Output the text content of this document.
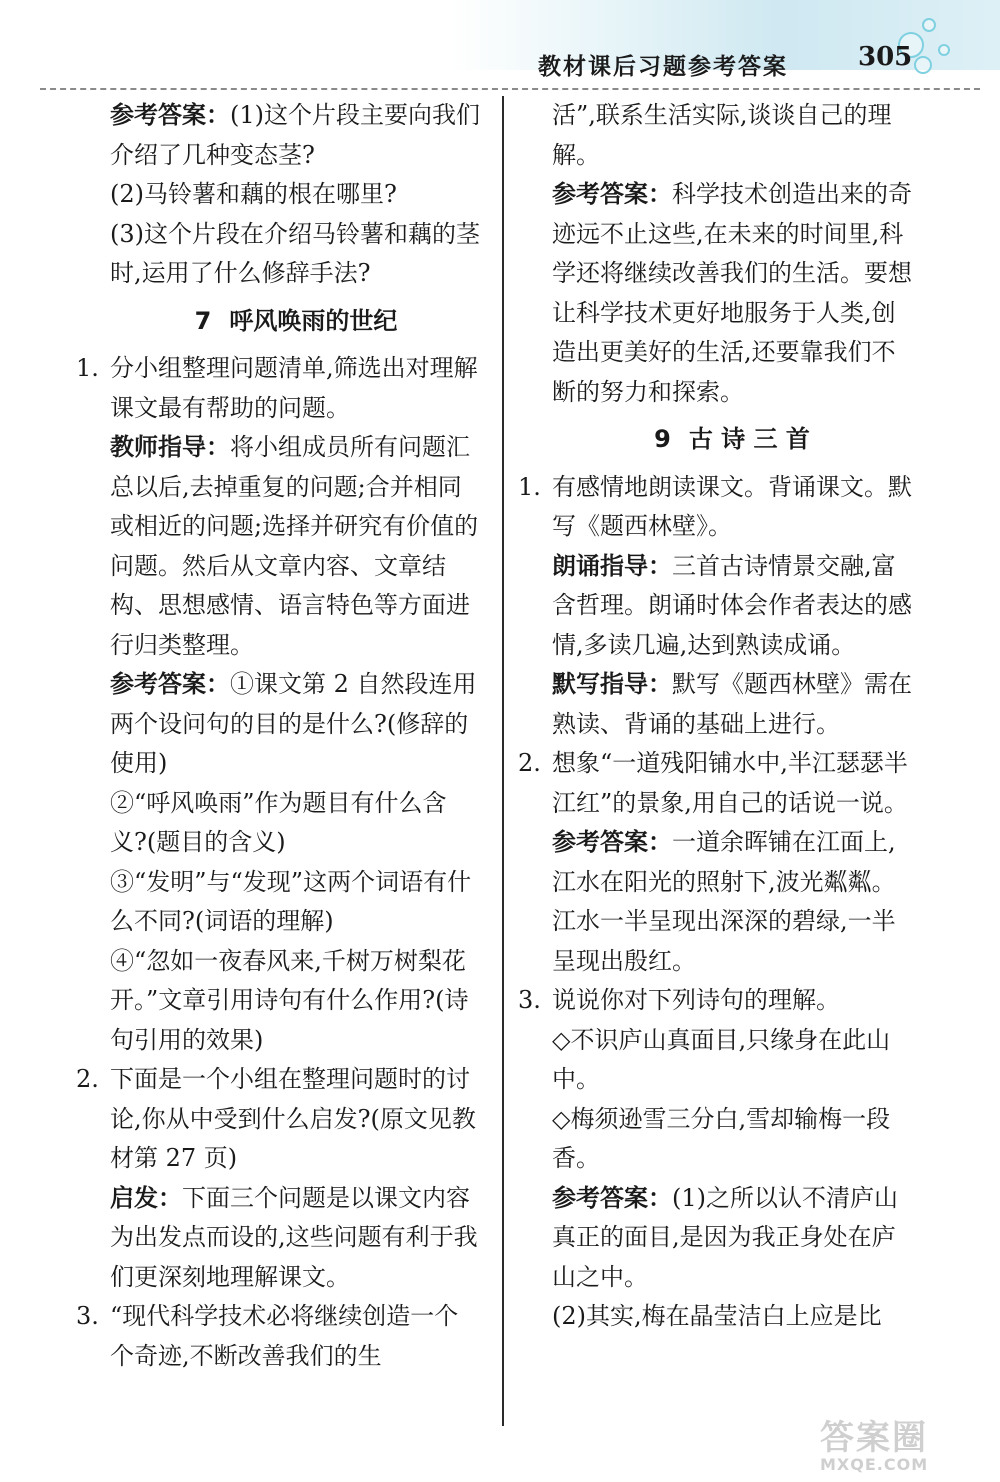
教材课后习题参考答案	305
参考答案：(1)这个片段主要向我们介绍了几种变态茎?
(2)马铃薯和藕的根在哪里?
(3)这个片段在介绍马铃薯和藕的茎时,运用了什么修辞手法?
7 呼风唤雨的世纪
1. 分小组整理问题清单,筛选出对理解课文最有帮助的问题。
教师指导：将小组成员所有问题汇总以后,去掉重复的问题;合并相同或相近的问题;选择并研究有价值的问题。然后从文章内容、文章结构、思想感情、语言特色等方面进行归类整理。
参考答案：①课文第 2 自然段连用两个设问句的目的是什么?(修辞的使用)
②“呼风唤雨”作为题目有什么含义?(题目的含义)
③“发明”与“发现”这两个词语有什么不同?(词语的理解)
④“忽如一夜春风来,千树万树梨花开。”文章引用诗句有什么作用?(诗句引用的效果)
2. 下面是一个小组在整理问题时的讨论,你从中受到什么启发?(原文见教材第 27 页)
启发：下面三个问题是以课文内容为出发点而设的,这些问题有利于我们更深刻地理解课文。
3. “现代科学技术必将继续创造一个个奇迹,不断改善我们的生
活”,联系生活实际,谈谈自己的理解。
参考答案：科学技术创造出来的奇迹远不止这些,在未来的时间里,科学还将继续改善我们的生活。要想让科学技术更好地服务于人类,创造出更美好的生活,还要靠我们不断的努力和探索。
9 古 诗 三 首
1. 有感情地朗读课文。背诵课文。默写《题西林壁》。
朗诵指导：三首古诗情景交融,富含哲理。朗诵时体会作者表达的感情,多读几遍,达到熟读成诵。
默写指导：默写《题西林壁》需在熟读、背诵的基础上进行。
2. 想象“一道残阳铺水中,半江瑟瑟半江红”的景象,用自己的话说一说。
参考答案：一道余晖铺在江面上,江水在阳光的照射下,波光粼粼。江水一半呈现出深深的碧绿,一半呈现出殷红。
3. 说说你对下列诗句的理解。
◇不识庐山真面目,只缘身在此山中。
◇梅须逊雪三分白,雪却输梅一段香。
参考答案：(1)之所以认不清庐山真正的面目,是因为我正身处在庐山之中。
(2)其实,梅在晶莹洁白上应是比
答案圈
MXQE.COM
